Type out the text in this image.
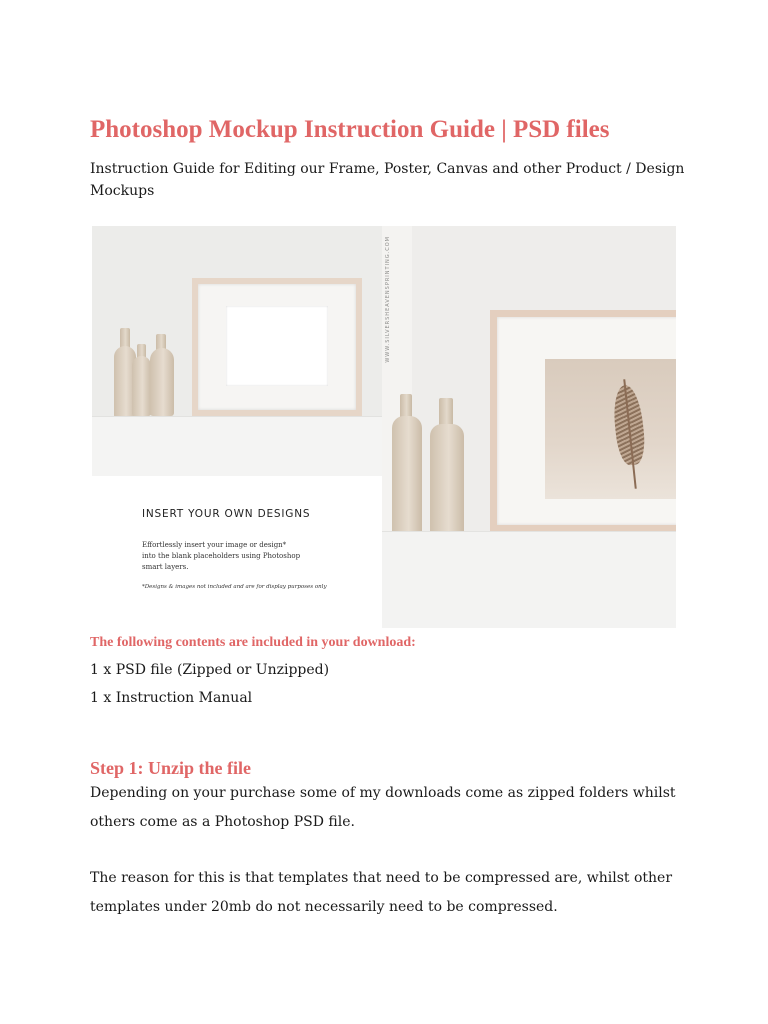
Photoshop Mockup Instruction Guide | PSD files

Instruction Guide for Editing our Frame, Poster, Canvas and other Product / Design Mockups

WWW.SILVERSHEAVENSPRINTING.COM

INSERT YOUR OWN DESIGNS

Effortlessly insert your image or design*
into the blank placeholders using Photoshop
smart layers.

*Designs & images not included and are for display purposes only

The following contents are included in your download:

1 x PSD file (Zipped or Unzipped)

1 x Instruction Manual

Step 1: Unzip the file

Depending on your purchase some of my downloads come as zipped folders whilst others come as a Photoshop PSD file.

The reason for this is that templates that need to be compressed are, whilst other templates under 20mb do not necessarily need to be compressed.
